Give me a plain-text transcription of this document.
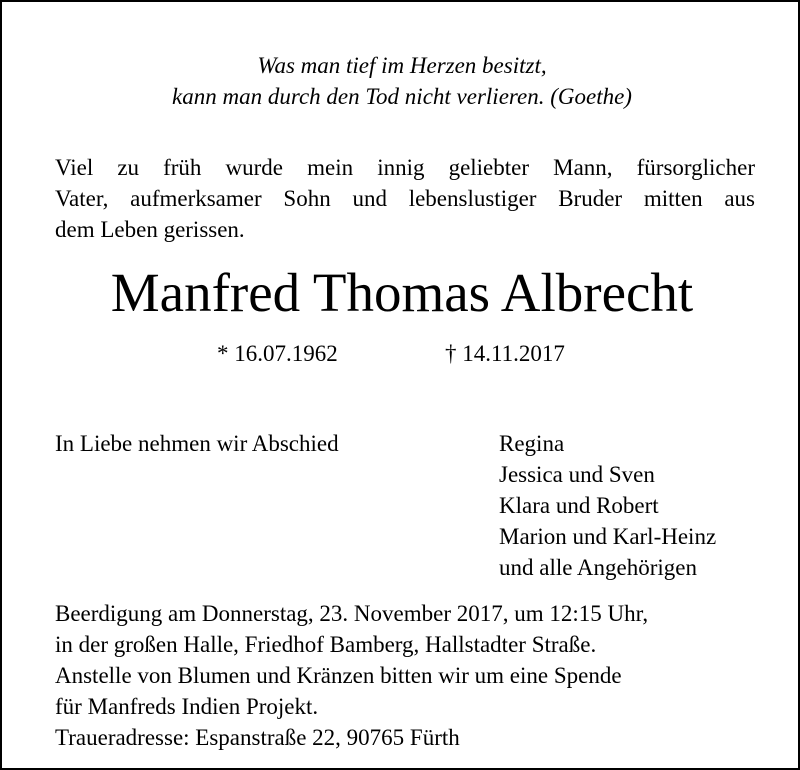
Was man tief im Herzen besitzt,
kann man durch den Tod nicht verlieren. (Goethe)
Viel zu früh wurde mein innig geliebter Mann, fürsorglicher
Vater, aufmerksamer Sohn und lebenslustiger Bruder mitten aus
dem Leben gerissen.
Manfred Thomas Albrecht
* 16.07.1962	† 14.11.2017
In Liebe nehmen wir Abschied	Regina
Jessica und Sven
Klara und Robert
Marion und Karl-Heinz
und alle Angehörigen
Beerdigung am Donnerstag, 23. November 2017, um 12:15 Uhr,
in der großen Halle, Friedhof Bamberg, Hallstadter Straße.
Anstelle von Blumen und Kränzen bitten wir um eine Spende
für Manfreds Indien Projekt.
Traueradresse: Espanstraße 22, 90765 Fürth
